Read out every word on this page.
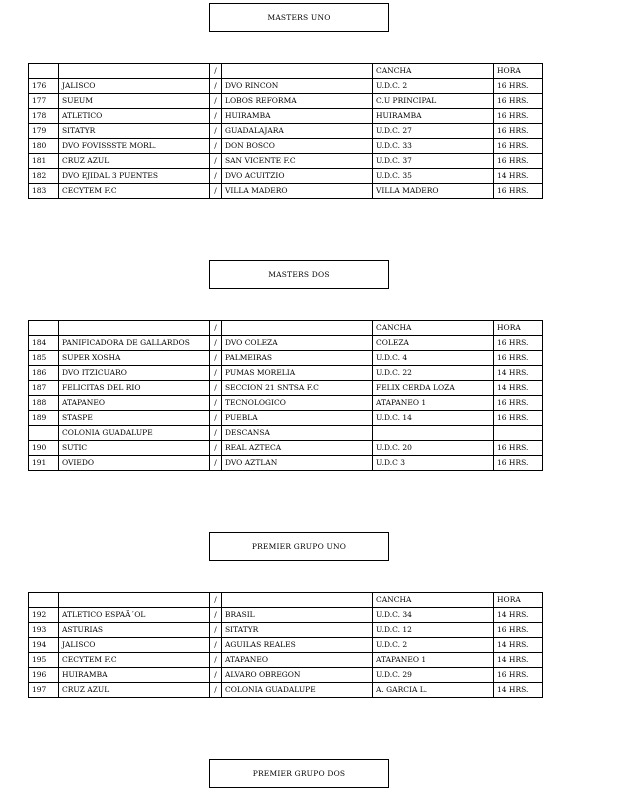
MASTERS UNO
MASTERS DOS
PREMIER GRUPO UNO
PREMIER GRUPO DOS
		/		CANCHA	HORA
176	JALISCO	/	DVO RINCON	U.D.C. 2	16 HRS.
177	SUEUM	/	LOBOS REFORMA	C.U PRINCIPAL	16 HRS.
178	ATLETICO	/	HUIRAMBA	HUIRAMBA	16 HRS.
179	SITATYR	/	GUADALAJARA	U.D.C. 27	16 HRS.
180	DVO FOVISSSTE MORL.	/	DON BOSCO	U.D.C. 33	16 HRS.
181	CRUZ AZUL	/	SAN VICENTE F.C	U.D.C. 37	16 HRS.
182	DVO EJIDAL 3 PUENTES	/	DVO ACUITZIO	U.D.C. 35	14 HRS.
183	CECYTEM F.C	/	VILLA MADERO	VILLA MADERO	16 HRS.
		/		CANCHA	HORA
184	PANIFICADORA DE GALLARDOS	/	DVO COLEZA	COLEZA	16 HRS.
185	SUPER XOSHA	/	PALMEIRAS	U.D.C. 4	16 HRS.
186	DVO ITZICUARO	/	PUMAS MORELIA	U.D.C. 22	14 HRS.
187	FELICITAS DEL RIO	/	SECCION 21 SNTSA F.C	FELIX CERDA LOZA	14 HRS.
188	ATAPANEO	/	TECNOLOGICO	ATAPANEO 1	16 HRS.
189	STASPE	/	PUEBLA	U.D.C. 14	16 HRS.
	COLONIA GUADALUPE	/	DESCANSA		
190	SUTIC	/	REAL AZTECA	U.D.C. 20	16 HRS.
191	OVIEDO	/	DVO AZTLAN	U.D.C 3	16 HRS.
		/		CANCHA	HORA
192	ATLETICO ESPAÃ´OL	/	BRASIL	U.D.C. 34	14 HRS.
193	ASTURIAS	/	SITATYR	U.D.C. 12	16 HRS.
194	JALISCO	/	AGUILAS REALES	U.D.C. 2	14 HRS.
195	CECYTEM F.C	/	ATAPANEO	ATAPANEO 1	14 HRS.
196	HUIRAMBA	/	ALVARO OBREGON	U.D.C. 29	16 HRS.
197	CRUZ AZUL	/	COLONIA GUADALUPE	A. GARCIA L.	14 HRS.
